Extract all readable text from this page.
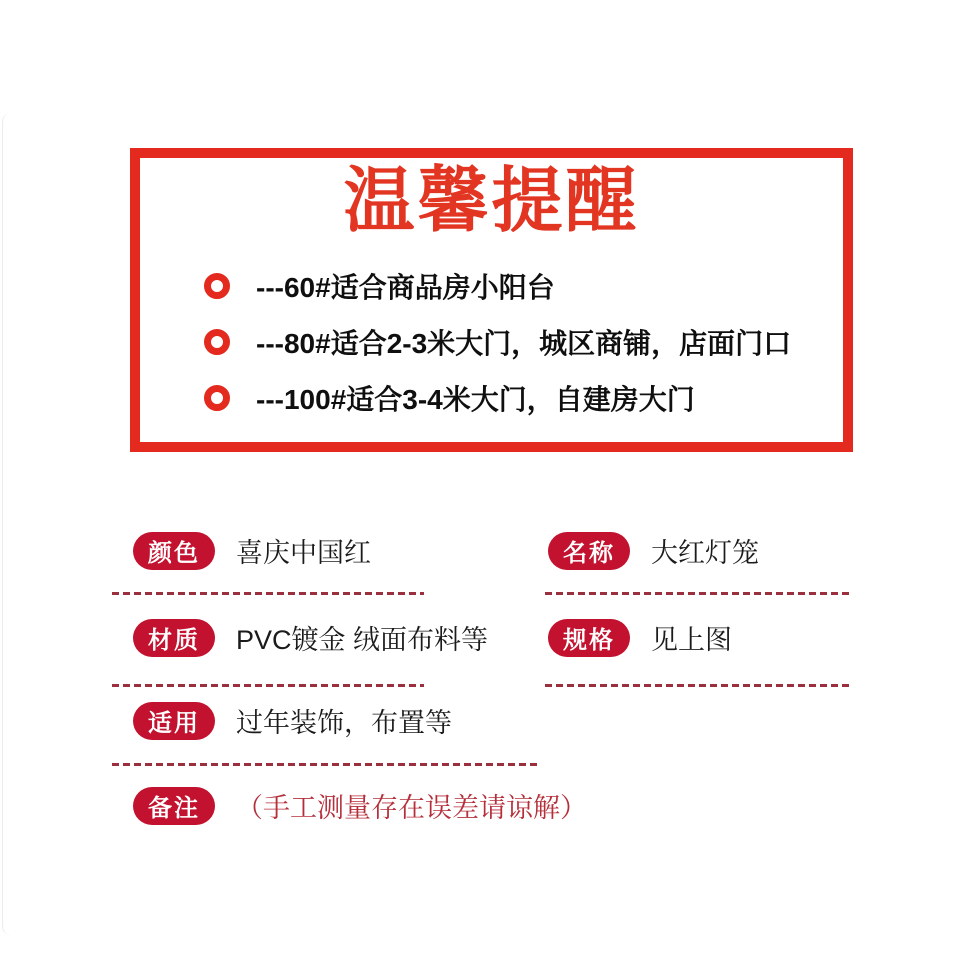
温馨提醒
---60#适合商品房小阳台
---80#适合2-3米大门，城区商铺，店面门口
---100#适合3-4米大门，自建房大门
颜色	喜庆中国红
材质	PVC镀金 绒面布料等
适用	过年装饰，布置等
备注	（手工测量存在误差请谅解）
名称	大红灯笼
规格	见上图
